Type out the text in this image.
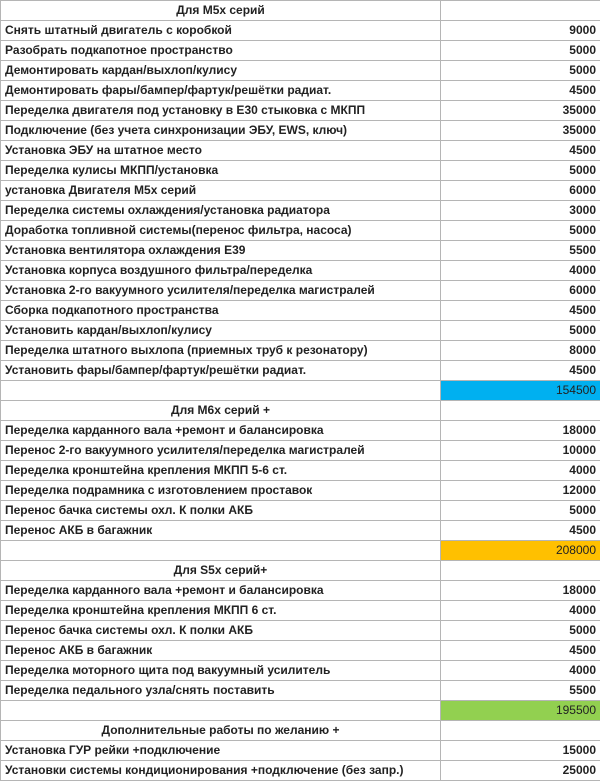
Для М5х серий	
Снять штатный двигатель с коробкой	9000
Разобрать подкапотное пространство	5000
Демонтировать кардан/выхлоп/кулису	5000
Демонтировать фары/бампер/фартук/решётки радиат.	4500
Переделка двигателя под установку в Е30 стыковка с МКПП	35000
Подключение (без учета синхронизации ЭБУ, EWS, ключ)	35000
Установка ЭБУ на штатное место	4500
Переделка кулисы МКПП/установка	5000
установка Двигателя М5х серий	6000
Переделка системы охлаждения/установка радиатора	3000
Доработка топливной системы(перенос фильтра, насоса)	5000
Установка вентилятора охлаждения Е39	5500
Установка корпуса воздушного фильтра/переделка	4000
Установка 2-го вакуумного усилителя/переделка магистралей	6000
Сборка подкапотного пространства	4500
Установить кардан/выхлоп/кулису	5000
Переделка штатного выхлопа (приемных труб к резонатору)	8000
Установить фары/бампер/фартук/решётки радиат.	4500
	154500
Для М6х серий +	
Переделка карданного вала +ремонт и балансировка	18000
Перенос 2-го вакуумного усилителя/переделка магистралей	10000
Переделка кронштейна крепления МКПП 5-6 ст.	4000
Переделка подрамника с изготовлением проставок	12000
Перенос бачка системы охл. К полки АКБ	5000
Перенос АКБ в багажник	4500
	208000
Для S5х серий+	
Переделка карданного вала +ремонт и балансировка	18000
Переделка кронштейна крепления МКПП 6 ст.	4000
Перенос бачка системы охл. К полки АКБ	5000
Перенос АКБ в багажник	4500
Переделка моторного щита под вакуумный усилитель	4000
Переделка педального узла/снять поставить	5500
	195500
Дополнительные работы по желанию +	
Установка ГУР рейки +подключение	15000
Установки системы кондиционирования +подключение (без запр.)	25000
